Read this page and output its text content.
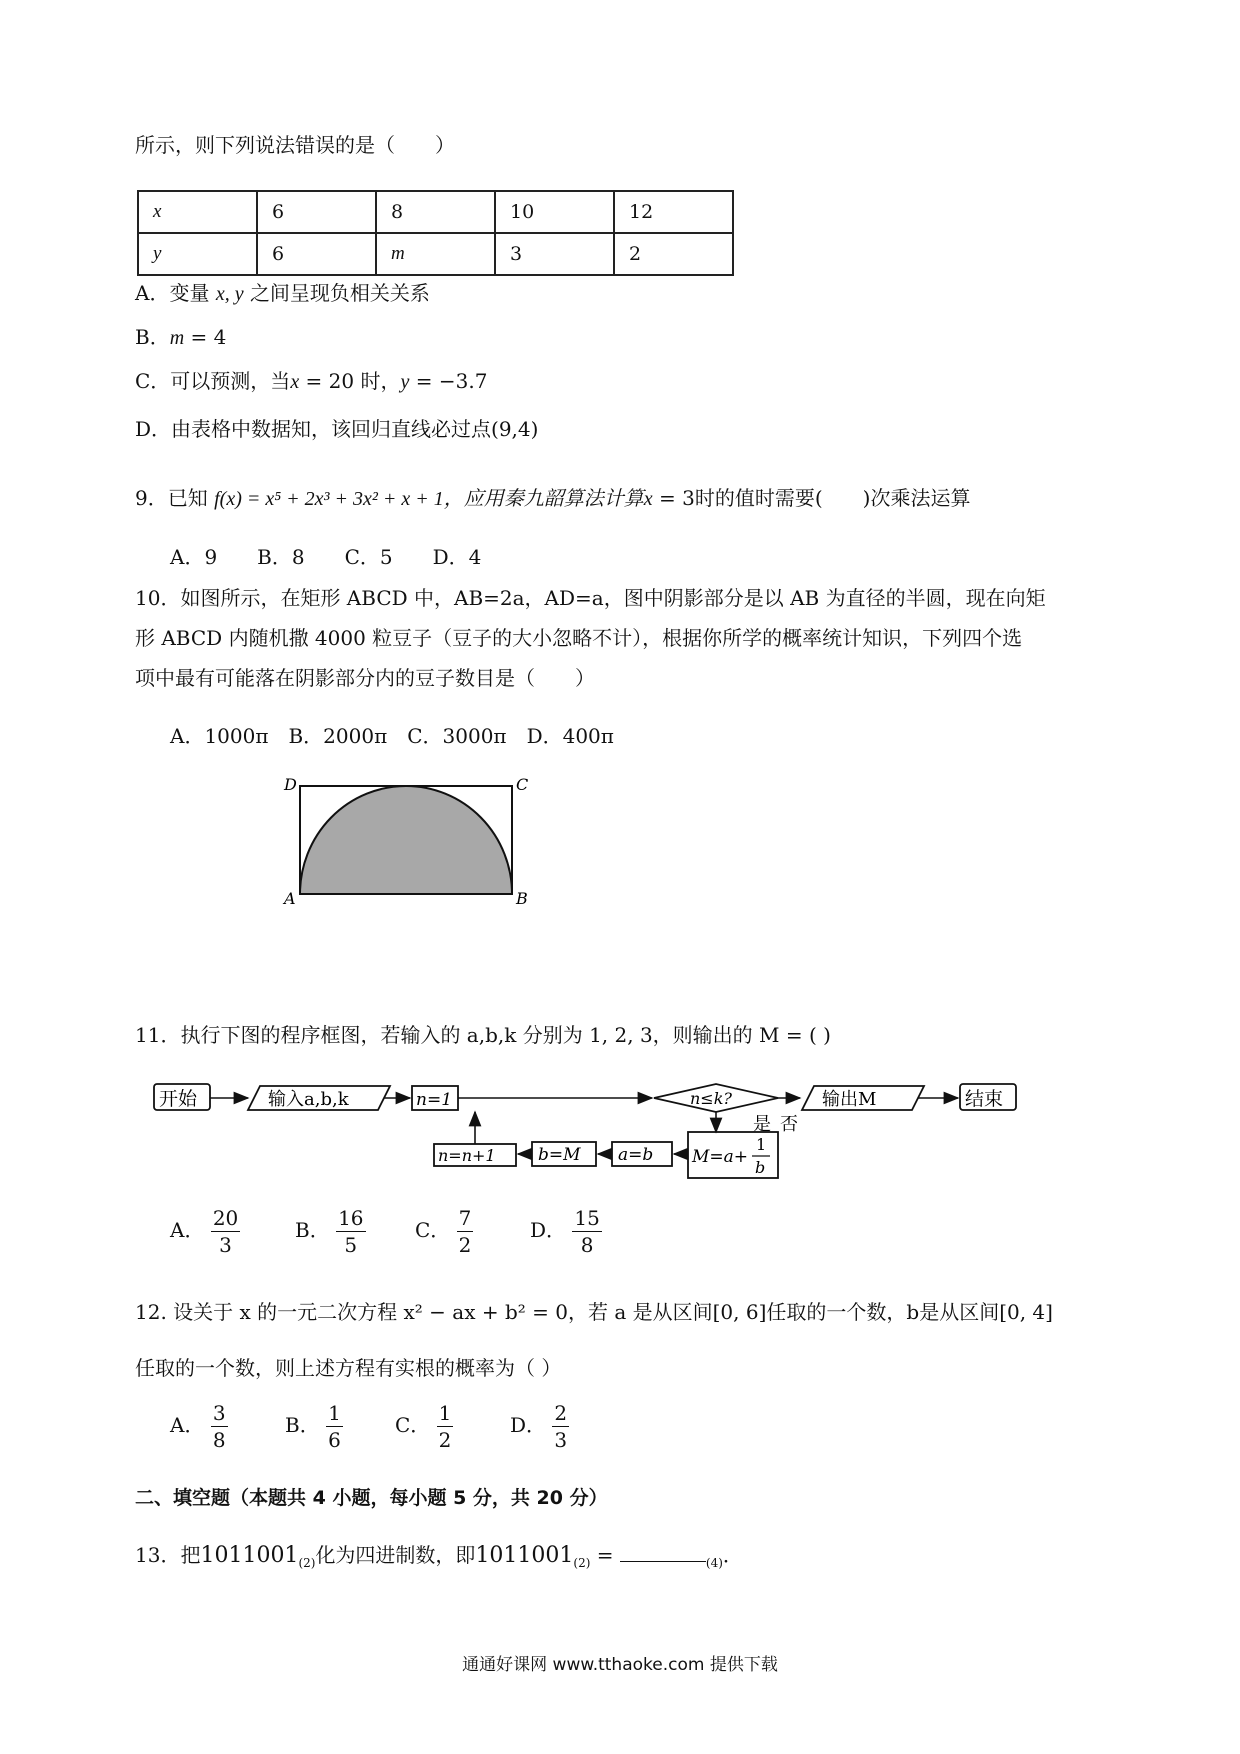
所示，则下列说法错误的是（　　）
x	6	8	10	12
y	6	m	3	2
A．变量 x, y 之间呈现负相关关系
B．m = 4
C．可以预测，当x = 20 时，y = −3.7
D．由表格中数据知，该回归直线必过点(9,4)
9．已知 f(x) = x⁵ + 2x³ + 3x² + x + 1，应用秦九韶算法计算x = 3时的值时需要(　　)次乘法运算
A．9　　B．8　　C．5　　D．4
10．如图所示，在矩形 ABCD 中，AB=2a，AD=a，图中阴影部分是以 AB 为直径的半圆，现在向矩
形 ABCD 内随机撒 4000 粒豆子（豆子的大小忽略不计），根据你所学的概率统计知识，下列四个选
项中最有可能落在阴影部分内的豆子数目是（　　）
A．1000π　B．2000π　C．3000π　D．400π
D	C
A	B
11．执行下图的程序框图，若输入的 a,b,k 分别为 1, 2, 3，则输出的 M = ( )
开始	输入a,b,k	n=1	n≤k?
是 否
输出M	结束
M=a+
1
b
a=b
b=M
n=n+1
A． $\frac{20}{3}$	B． $\frac{16}{5}$ C． $\frac{7}{2}$	D． $\frac{15}{8}$
12. 设关于 x 的一元二次方程 x² − ax + b² = 0，若 a 是从区间[0, 6]任取的一个数，b是从区间[0, 4]
任取的一个数，则上述方程有实根的概率为（ ）
A． $\frac{3}{8}$	B． $\frac{1}{6}$	C． $\frac{1}{2}$	D． $\frac{2}{3}$
二、填空题（本题共 4 小题，每小题 5 分，共 20 分）
13．把$1011001_{(2)}$化为四进制数，即$1011001_{(2)}$ =	$_{(4)}$．
通通好课网 www.tthaoke.com 提供下载
